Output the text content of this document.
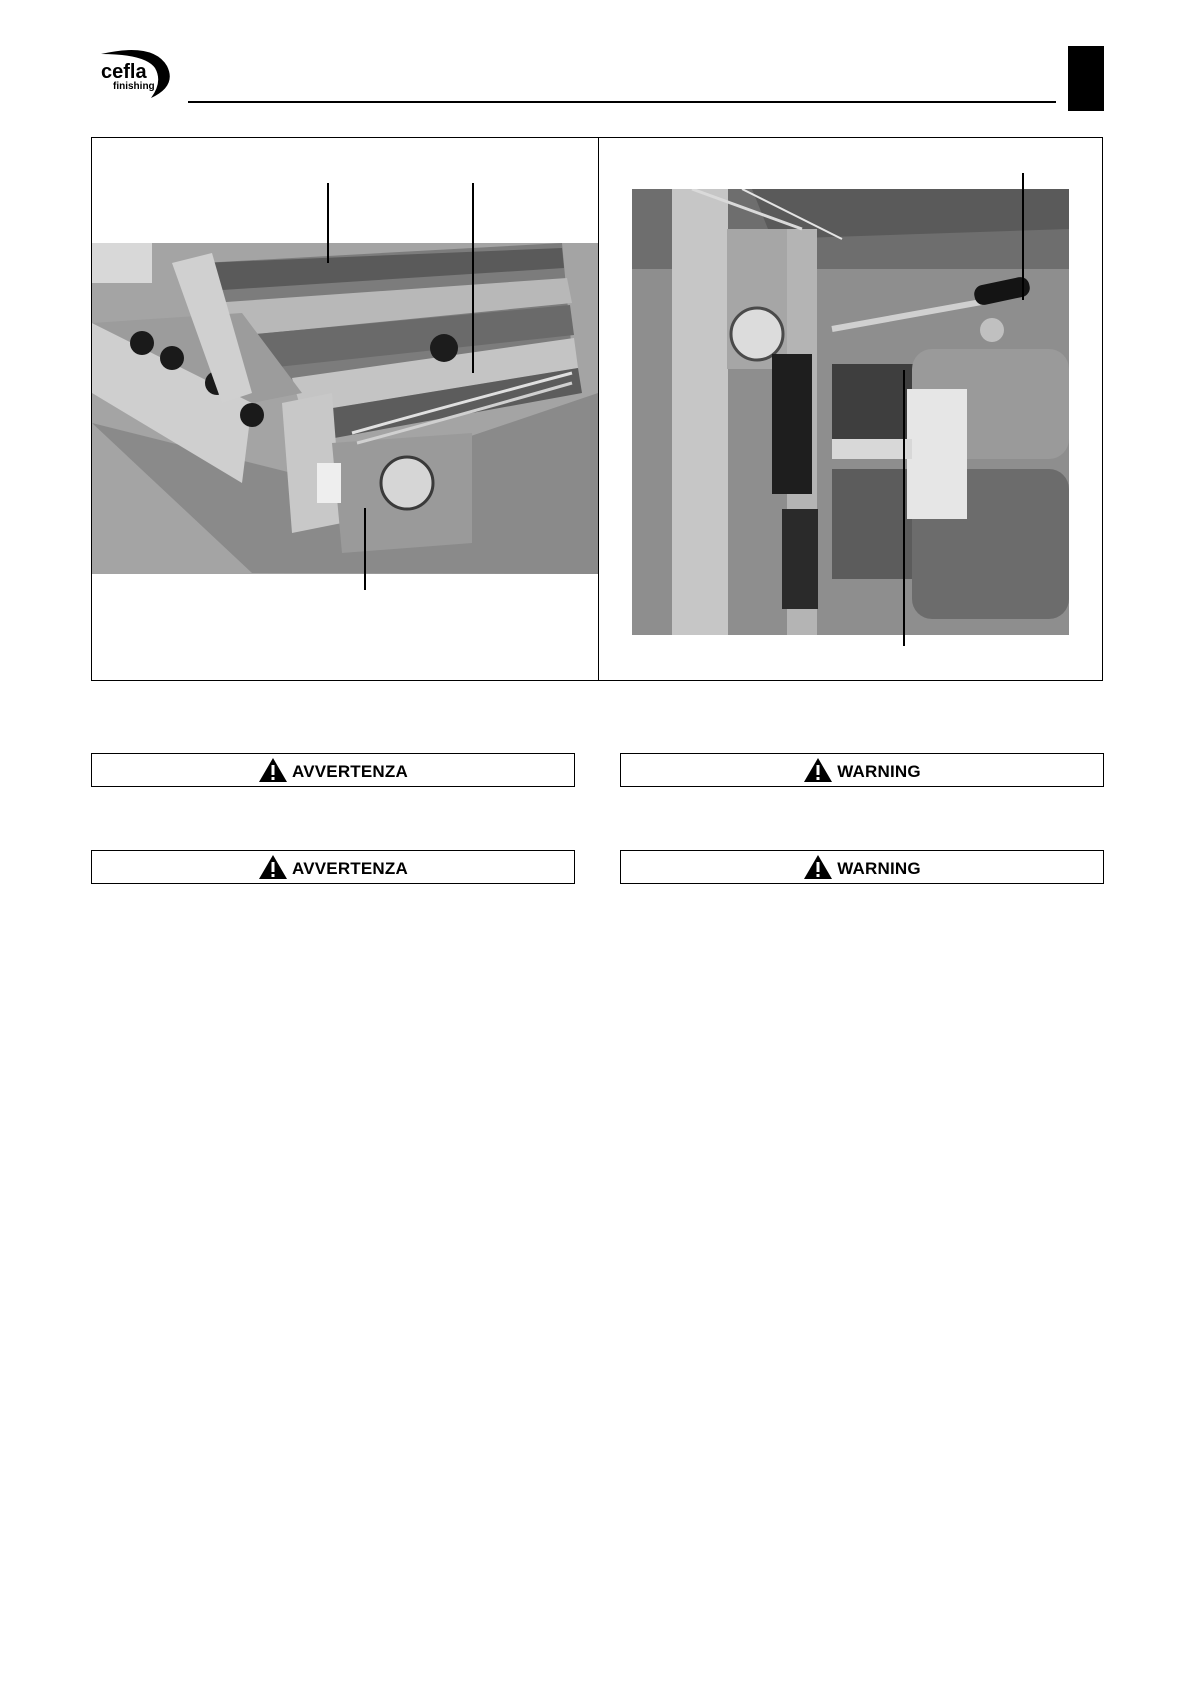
cefla
finishing
AVVERTENZA	WARNING
AVVERTENZA	WARNING
